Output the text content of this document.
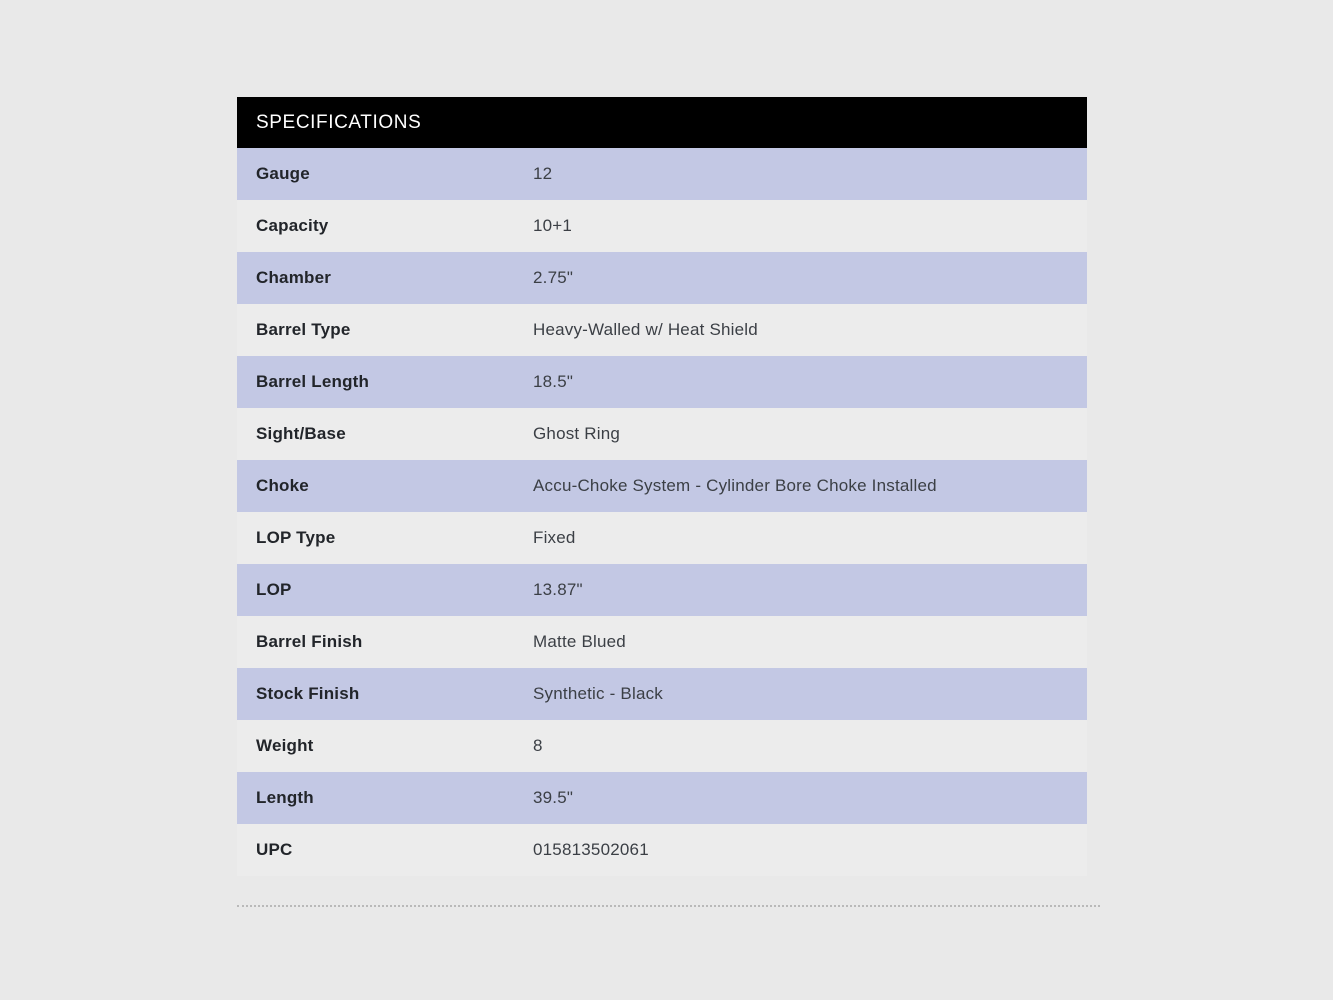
SPECIFICATIONS
Gauge	12
Capacity	10+1
Chamber	2.75"
Barrel Type	Heavy-Walled w/ Heat Shield
Barrel Length	18.5"
Sight/Base	Ghost Ring
Choke	Accu-Choke System - Cylinder Bore Choke Installed
LOP Type	Fixed
LOP	13.87"
Barrel Finish	Matte Blued
Stock Finish	Synthetic - Black
Weight	8
Length	39.5"
UPC	015813502061
